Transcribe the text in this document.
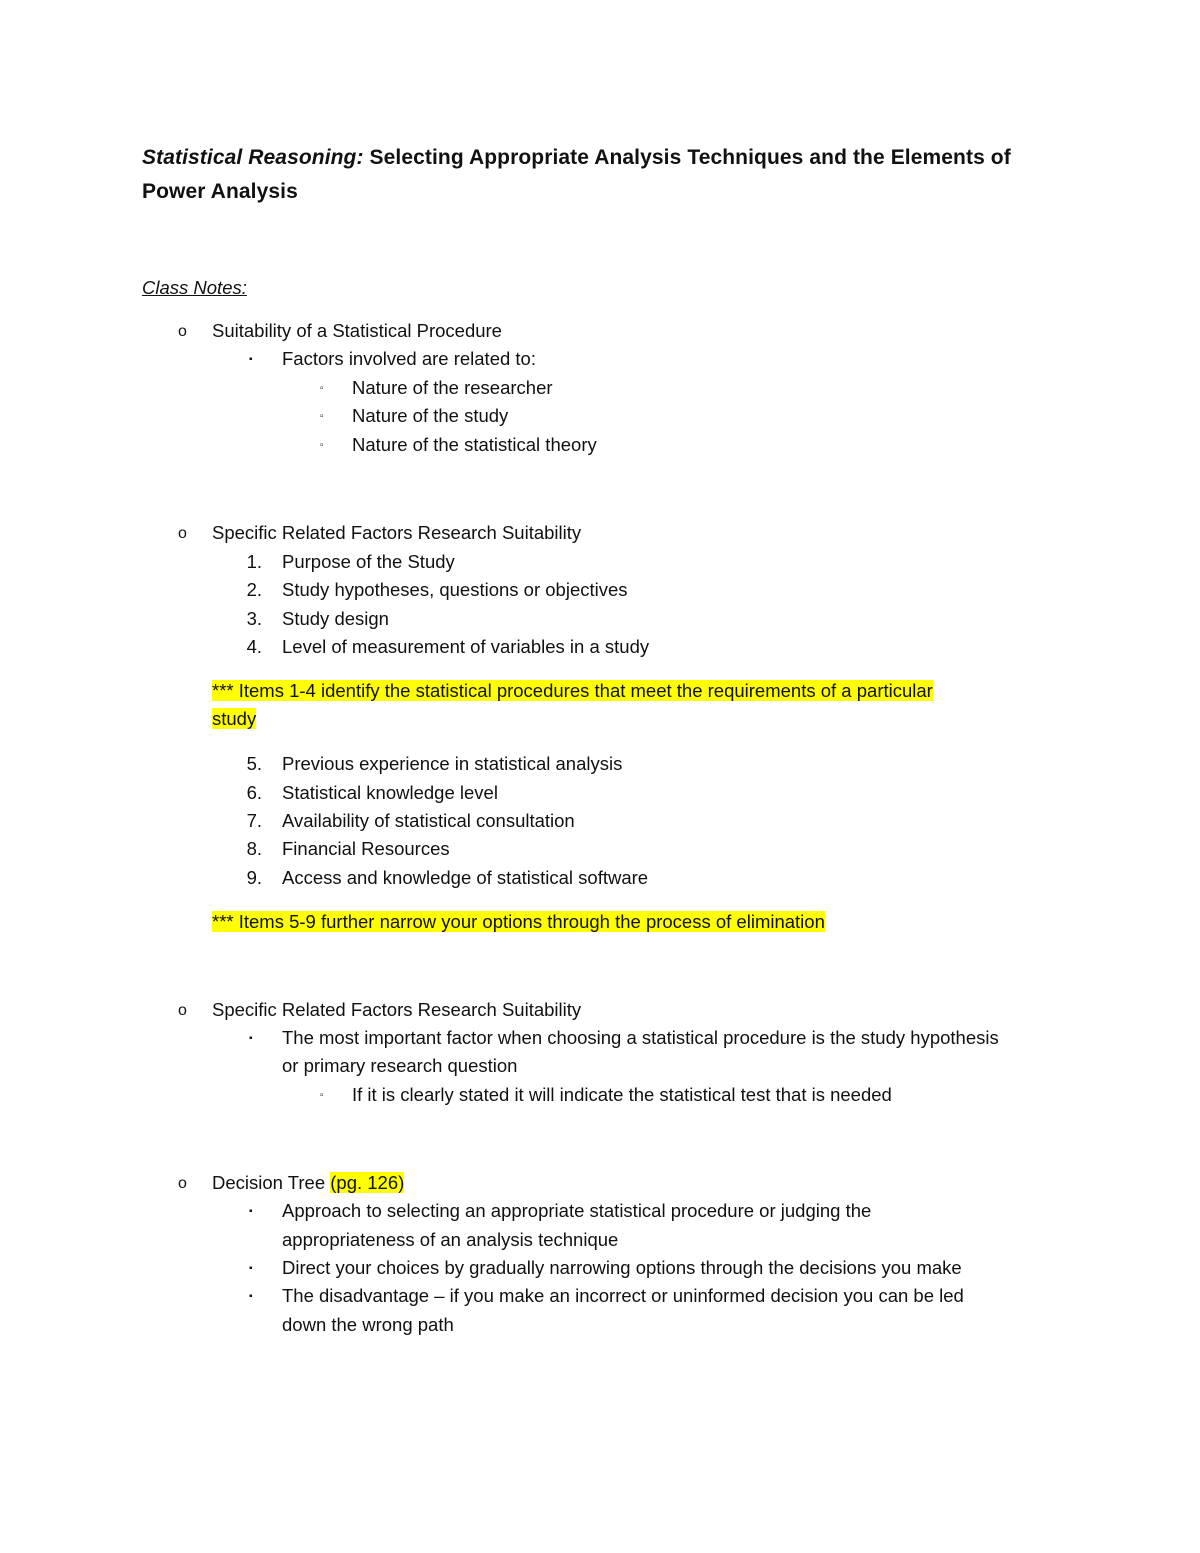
Statistical Reasoning: Selecting Appropriate Analysis Techniques and the Elements of
Power Analysis
Class Notes:
o Suitability of a Statistical Procedure
▪ Factors involved are related to:
▫ Nature of the researcher
▫ Nature of the study
▫ Nature of the statistical theory
o Specific Related Factors Research Suitability
1. Purpose of the Study
2. Study hypotheses, questions or objectives
3. Study design
4. Level of measurement of variables in a study
*** Items 1-4 identify the statistical procedures that meet the requirements of a particular
study
5. Previous experience in statistical analysis
6. Statistical knowledge level
7. Availability of statistical consultation
8. Financial Resources
9. Access and knowledge of statistical software
*** Items 5-9 further narrow your options through the process of elimination
o Specific Related Factors Research Suitability
▪ The most important factor when choosing a statistical procedure is the study hypothesis
or primary research question
▫ If it is clearly stated it will indicate the statistical test that is needed
o Decision Tree (pg. 126)
▪ Approach to selecting an appropriate statistical procedure or judging the
appropriateness of an analysis technique
▪ Direct your choices by gradually narrowing options through the decisions you make
▪ The disadvantage – if you make an incorrect or uninformed decision you can be led
down the wrong path
